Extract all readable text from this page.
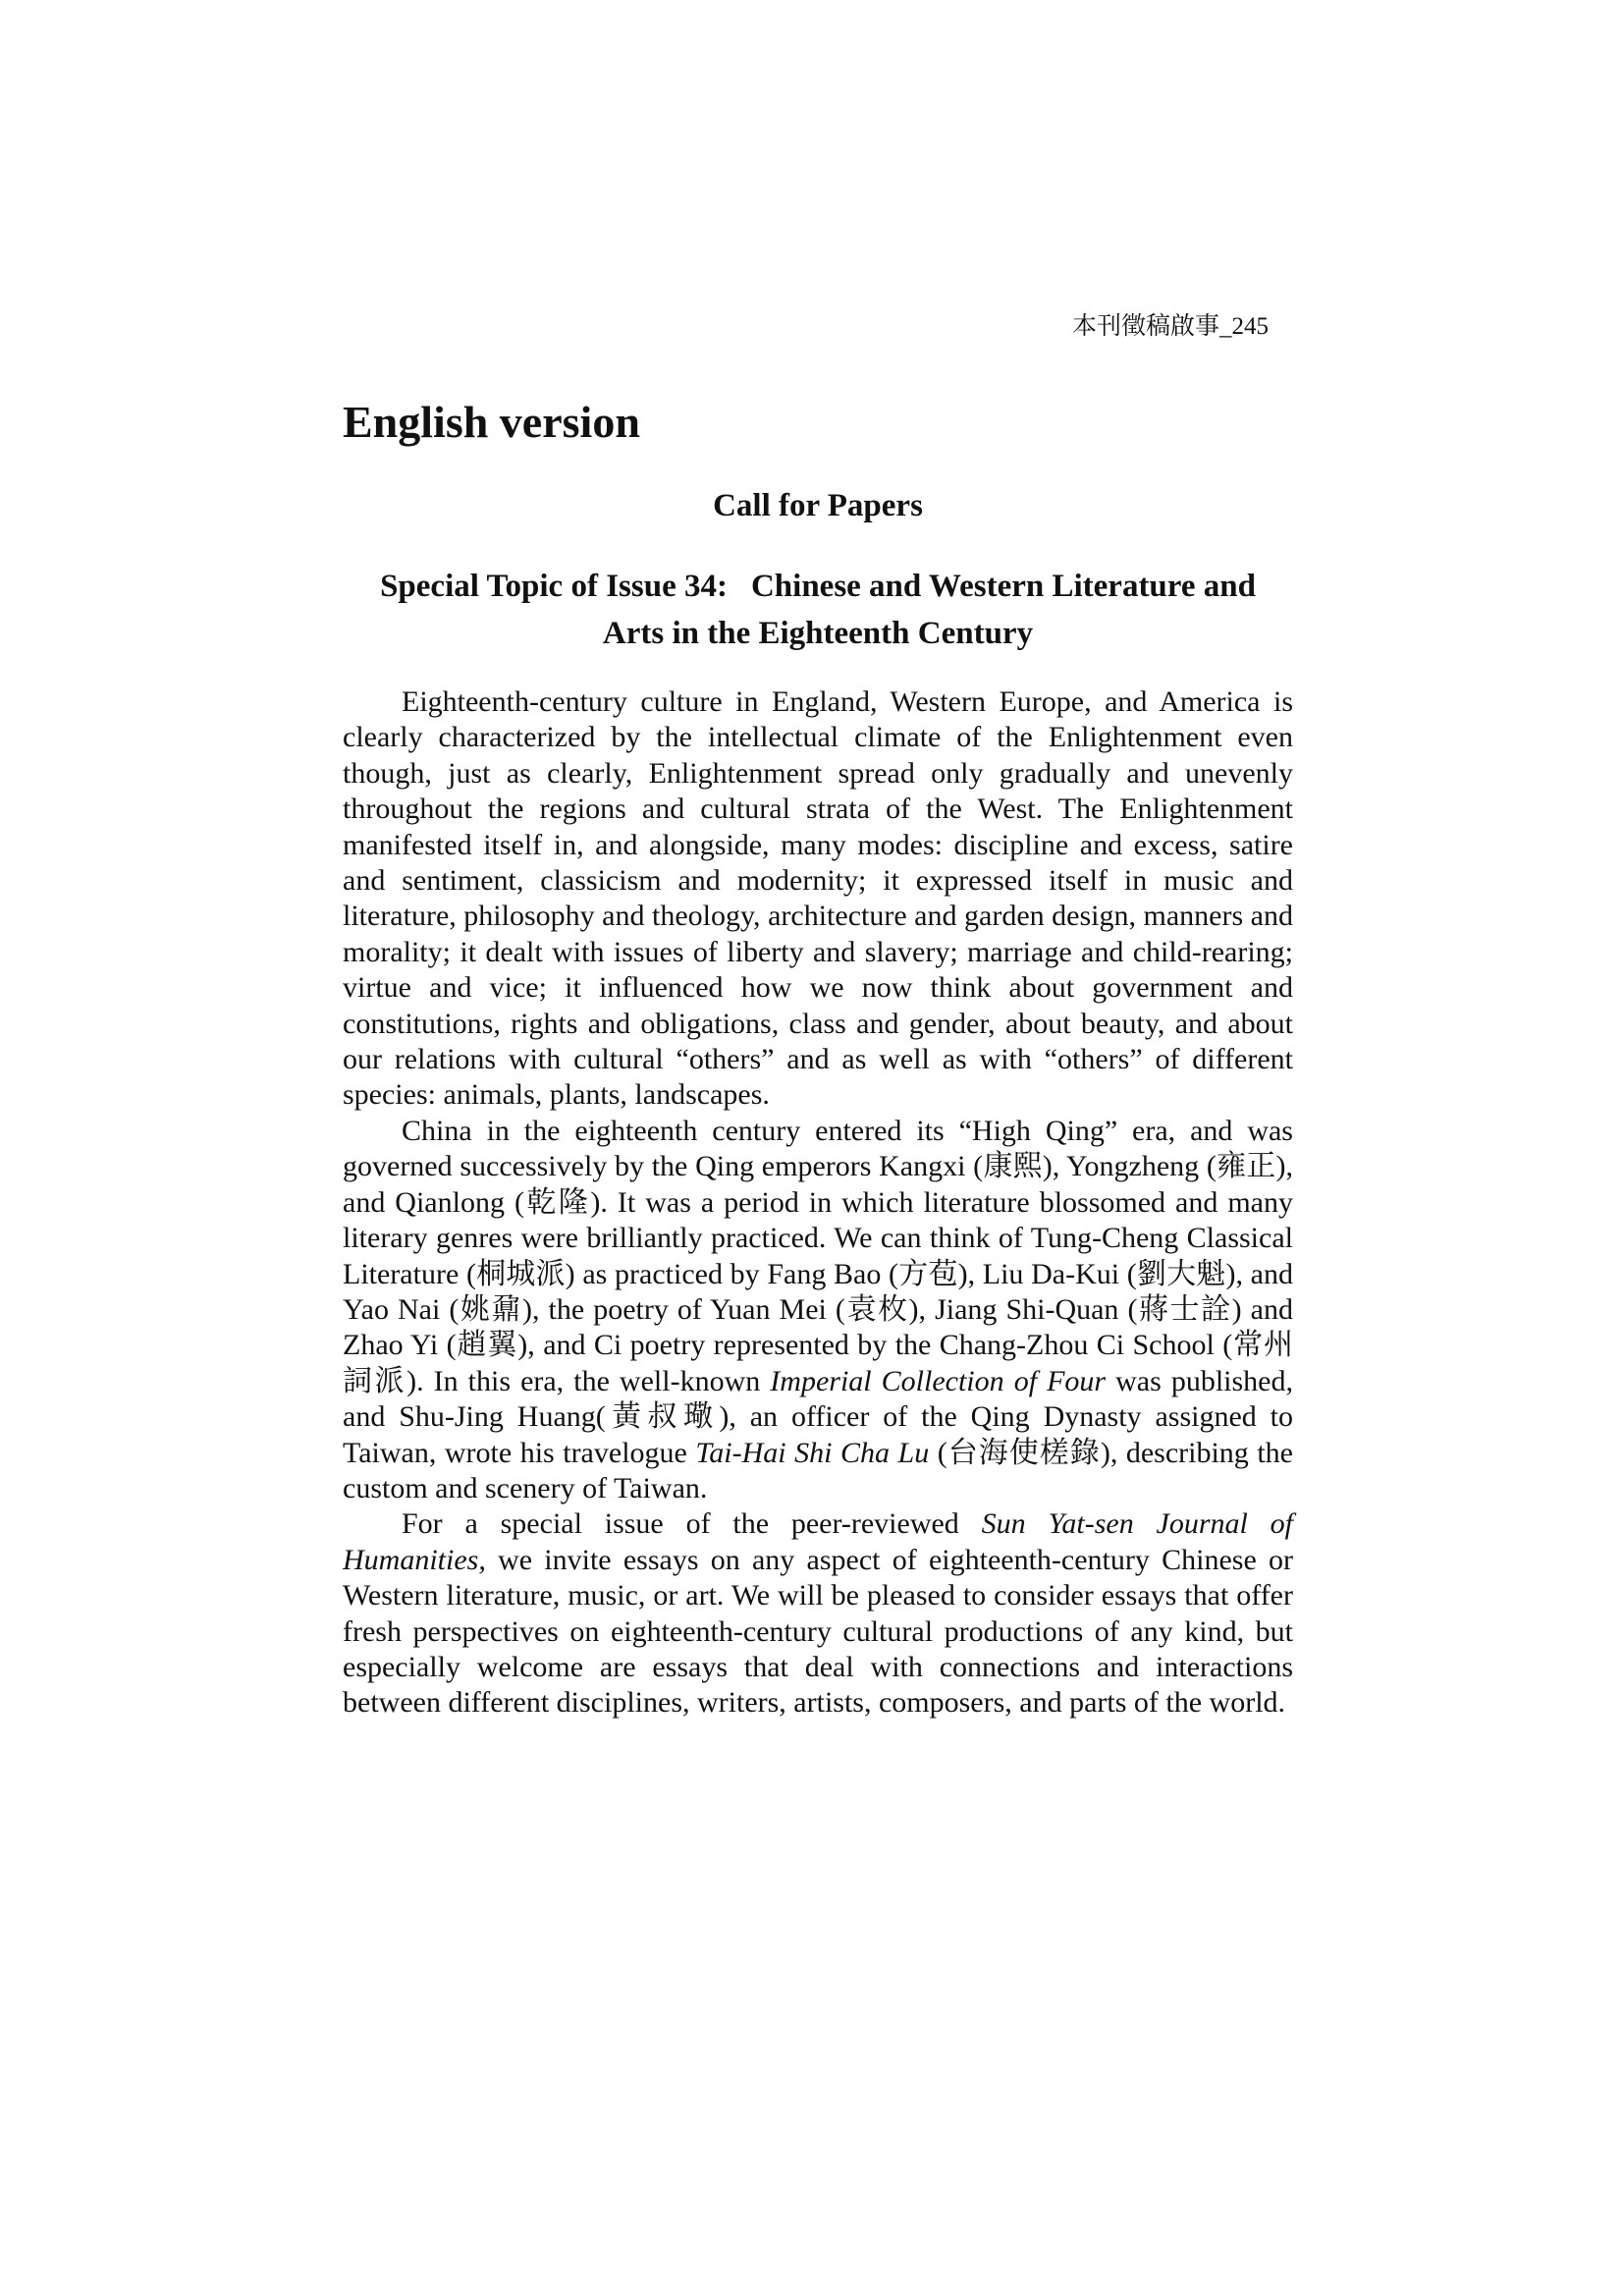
本刊徵稿啟事_245
English version
Call for Papers
Special Topic of Issue 34: Chinese and Western Literature and
Arts in the Eighteenth Century

Eighteenth-century culture in England, Western Europe, and America is clearly characterized by the intellectual climate of the Enlightenment even though, just as clearly, Enlightenment spread only gradually and unevenly throughout the regions and cultural strata of the West. The Enlightenment manifested itself in, and alongside, many modes: discipline and excess, satire and sentiment, classicism and modernity; it expressed itself in music and literature, philosophy and theology, architecture and garden design, manners and morality; it dealt with issues of liberty and slavery; marriage and child-rearing; virtue and vice; it influenced how we now think about government and constitutions, rights and obligations, class and gender, about beauty, and about our relations with cultural “others” and as well as with “others” of different species: animals, plants, landscapes.

China in the eighteenth century entered its “High Qing” era, and was governed successively by the Qing emperors Kangxi (康熙), Yongzheng (雍正), and Qianlong (乾隆). It was a period in which literature blossomed and many literary genres were brilliantly practiced. We can think of Tung-Cheng Classical Literature (桐城派) as practiced by Fang Bao (方苞), Liu Da-Kui (劉大魁), and Yao Nai (姚鼐), the poetry of Yuan Mei (袁枚), Jiang Shi-Quan (蔣士詮) and Zhao Yi (趙翼), and Ci poetry represented by the Chang-Zhou Ci School (常州詞派). In this era, the well-known Imperial Collection of Four was published, and Shu-Jing Huang(黃叔璥), an officer of the Qing Dynasty assigned to Taiwan, wrote his travelogue Tai-Hai Shi Cha Lu (台海使槎錄), describing the custom and scenery of Taiwan.

For a special issue of the peer-reviewed Sun Yat-sen Journal of Humanities, we invite essays on any aspect of eighteenth-century Chinese or Western literature, music, or art. We will be pleased to consider essays that offer fresh perspectives on eighteenth-century cultural productions of any kind, but especially welcome are essays that deal with connections and interactions between different disciplines, writers, artists, composers, and parts of the world.
